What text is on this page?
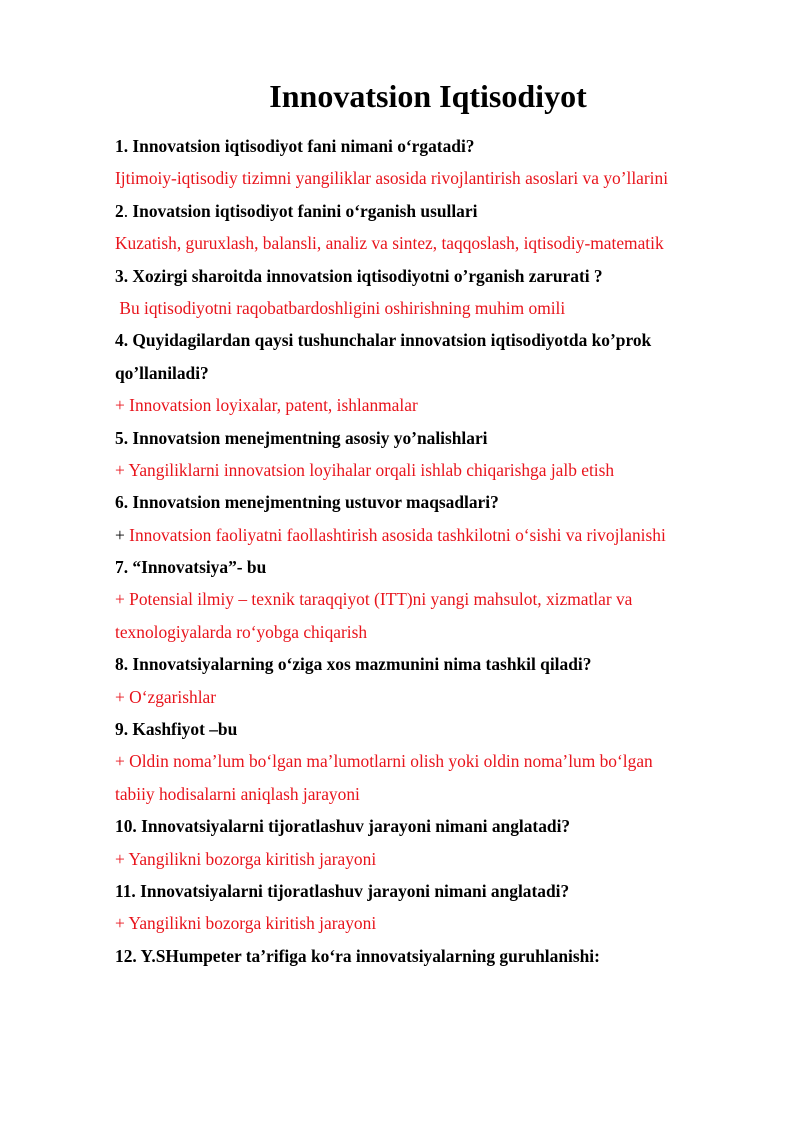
Innovatsion Iqtisodiyot
1. Innovatsion iqtisodiyot fani nimani o‘rgatadi?
Ijtimoiy-iqtisodiy tizimni yangiliklar asosida rivojlantirish asoslari va yo’llarini
2. Inovatsion iqtisodiyot fanini o‘rganish usullari
Kuzatish, guruxlash, balansli, analiz va sintez, taqqoslash, iqtisodiy-matematik
3. Xozirgi sharoitda innovatsion iqtisodiyotni o’rganish zarurati ?
Bu iqtisodiyotni raqobatbardoshligini oshirishning muhim omili
4. Quyidagilardan qaysi tushunchalar innovatsion iqtisodiyotda ko’prok
qo’llaniladi?
+ Innovatsion loyixalar, patent, ishlanmalar
5. Innovatsion menejmentning asosiy yo’nalishlari
+ Yangiliklarni innovatsion loyihalar orqali ishlab chiqarishga jalb etish
6. Innovatsion menejmentning ustuvor maqsadlari?
+ Innovatsion faoliyatni faollashtirish asosida tashkilotni o‘sishi va rivojlanishi
7. “Innovatsiya”- bu
+ Potensial ilmiy – texnik taraqqiyot (ITT)ni yangi mahsulot, xizmatlar va
texnologiyalarda ro‘yobga chiqarish
8. Innovatsiyalarning o‘ziga xos mazmunini nima tashkil qiladi?
+ O‘zgarishlar
9. Kashfiyot –bu
+ Oldin noma’lum bo‘lgan ma’lumotlarni olish yoki oldin noma’lum bo‘lgan
tabiiy hodisalarni aniqlash jarayoni
10. Innovatsiyalarni tijoratlashuv jarayoni nimani anglatadi?
+ Yangilikni bozorga kiritish jarayoni
11. Innovatsiyalarni tijoratlashuv jarayoni nimani anglatadi?
+ Yangilikni bozorga kiritish jarayoni
12. Y.SHumpeter ta’rifiga ko‘ra innovatsiyalarning guruhlanishi:
